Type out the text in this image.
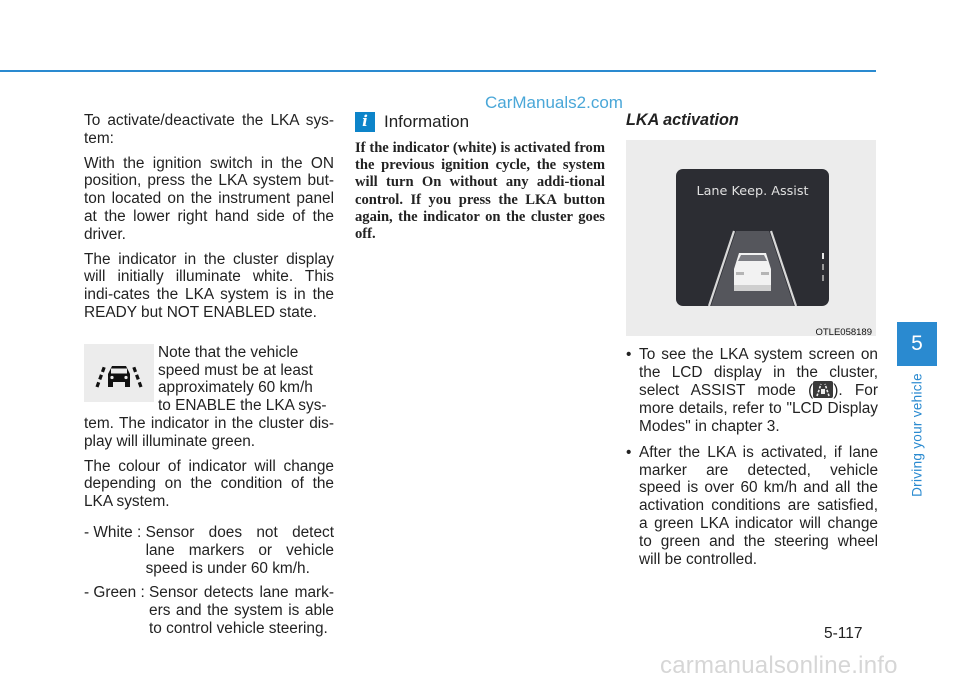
CarManuals2.com

To activate/deactivate the LKA sys-tem:

With the ignition switch in the ON position, press the LKA system but-ton located on the instrument panel at the lower right hand side of the driver.

The indicator in the cluster display will initially illuminate white. This indi-cates the LKA system is in the READY but NOT ENABLED state.

Note that the vehicle
speed must be at least
approximately 60 km/h
to ENABLE the LKA sys-

tem. The indicator in the cluster dis-play will illuminate green.

The colour of indicator will change depending on the condition of the LKA system.

- White : Sensor does not detect lane markers or vehicle speed is under 60 km/h.
- Green : Sensor detects lane mark-ers and the system is able to control vehicle steering.
i Information

If the indicator (white) is activated from the previous ignition cycle, the system will turn On without any addi-tional control. If you press the LKA button again, the indicator on the cluster goes off.

LKA activation
Lane Keep. Assist
OTLE058189
• To see the LKA system screen on the LCD display in the cluster, select ASSIST mode ( ). For more details, refer to "LCD Display Modes" in chapter 3.
• After the LKA is activated, if lane marker are detected, vehicle speed is over 60 km/h and all the activation conditions are satisfied, a green LKA indicator will change to green and the steering wheel will be controlled.
5
Driving your vehicle
5-117
carmanualsonline.info
